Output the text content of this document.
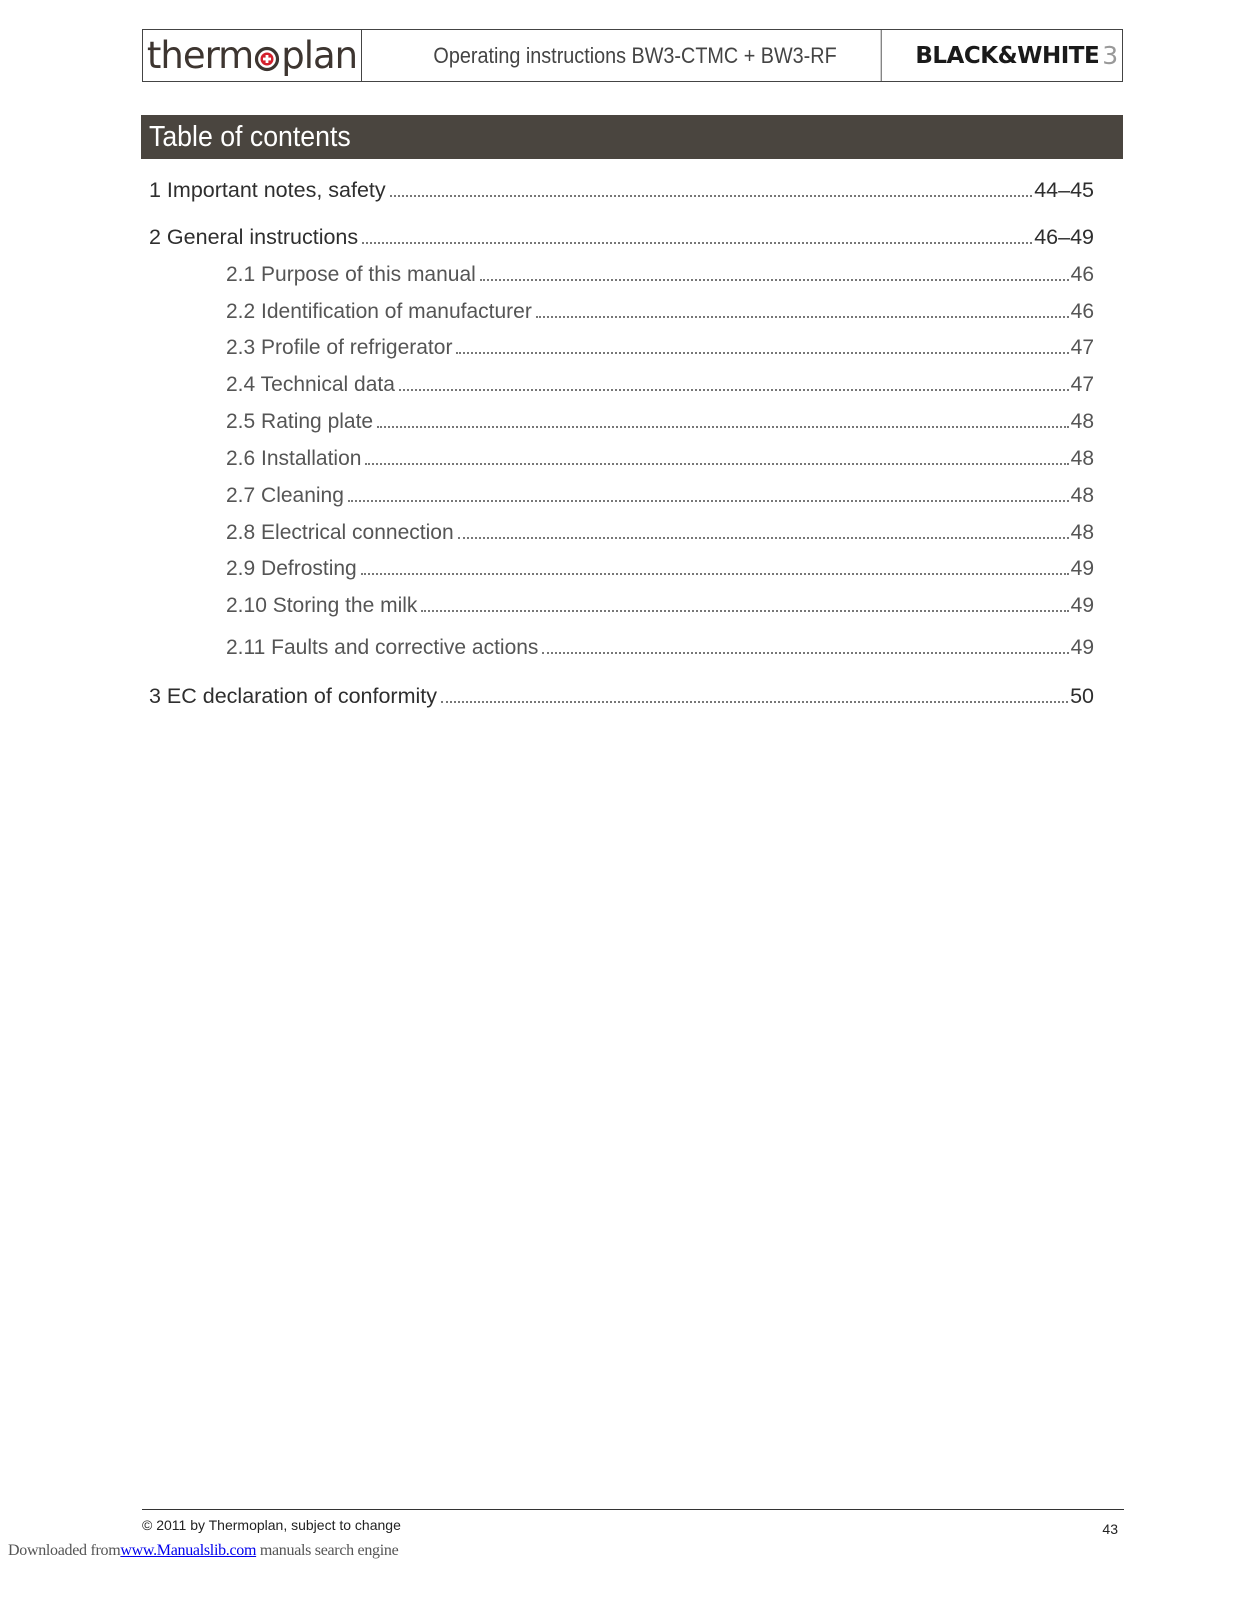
therm plan	Operating instructions BW3-CTMC + BW3-RF	BLACK&WHITE 3
Table of contents
1 Important notes, safety	44–45
2 General instructions	46–49
2.1 Purpose of this manual	46
2.2 Identification of manufacturer	46
2.3 Profile of refrigerator	47
2.4 Technical data	47
2.5 Rating plate	48
2.6 Installation	48
2.7 Cleaning	48
2.8 Electrical connection	48
2.9 Defrosting	49
2.10 Storing the milk	49
2.11 Faults and corrective actions	49
3 EC declaration of conformity	50
© 2011 by Thermoplan, subject to change	43
Downloaded fromwww.Manualslib.com manuals search engine
